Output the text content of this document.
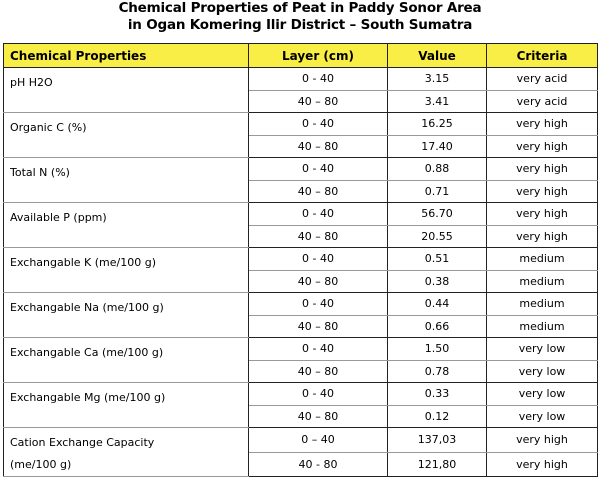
Chemical Properties of Peat in Paddy Sonor Area
in Ogan Komering Ilir District – South Sumatra
Chemical Properties	Layer (cm)	Value	Criteria

pH H2O	0 - 40	3.15	very acid
	40 – 80	3.41	very acid

Organic C (%)	0 - 40	16.25	very high
	40 – 80	17.40	very high

Total N (%)	0 - 40	0.88	very high
	40 – 80	0.71	very high

Available P (ppm)	0 - 40	56.70	very high
	40 – 80	20.55	very high

Exchangable K (me/100 g)	0 - 40	0.51	medium
	40 – 80	0.38	medium

Exchangable Na (me/100 g)	0 - 40	0.44	medium
	40 – 80	0.66	medium

Exchangable Ca (me/100 g)	0 - 40	1.50	very low
	40 – 80	0.78	very low

Exchangable Mg (me/100 g)	0 - 40	0.33	very low
	40 – 80	0.12	very low

Cation Exchange Capacity
(me/100 g)	0 – 40	137,03	very high
	40 - 80	121,80	very high
